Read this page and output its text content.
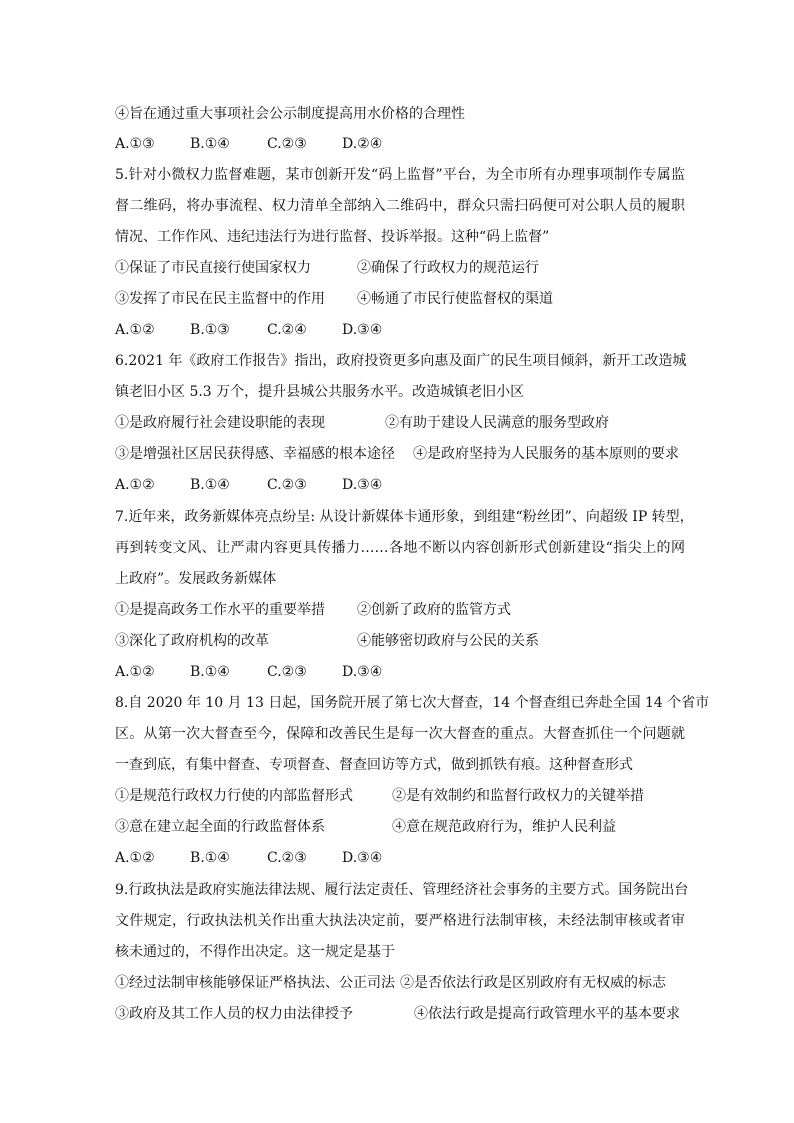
④旨在通过重大事项社会公示制度提高用水价格的合理性
A.①③	B.①④	C.②③	D.②④
5.针对小微权力监督难题，某市创新开发“码上监督”平台，为全市所有办理事项制作专属监
督二维码，将办事流程、权力清单全部纳入二维码中，群众只需扫码便可对公职人员的履职
情况、工作作风、违纪违法行为进行监督、投诉举报。这种“码上监督”
①保证了市民直接行使国家权力	②确保了行政权力的规范运行
③发挥了市民在民主监督中的作用 ④畅通了市民行使监督权的渠道
A.①②	B.①③	C.②④	D.③④
6.2021 年《政府工作报告》指出，政府投资更多向惠及面广的民生项目倾斜，新开工改造城
镇老旧小区 5.3 万个，提升县城公共服务水平。改造城镇老旧小区
①是政府履行社会建设职能的表现	②有助于建设人民满意的服务型政府
③是增强社区居民获得感、幸福感的根本途径 ④是政府坚持为人民服务的基本原则的要求
A.①②	B.①④	C.②③	D.③④
7.近年来，政务新媒体亮点纷呈: 从设计新媒体卡通形象，到组建“粉丝团”、向超级 IP 转型，
再到转变文风、让严肃内容更具传播力……各地不断以内容创新形式创新建设“指尖上的网
上政府”。发展政务新媒体
①是提高政务工作水平的重要举措 ②创新了政府的监管方式
③深化了政府机构的改革	④能够密切政府与公民的关系
A.①②	B.①④	C.②③	D.③④
8.自 2020 年 10 月 13 日起，国务院开展了第七次大督查，14 个督查组已奔赴全国 14 个省市
区。从第一次大督查至今，保障和改善民生是每一次大督查的重点。大督查抓住一个问题就
一查到底，有集中督查、专项督查、督查回访等方式，做到抓铁有痕。这种督查形式
①是规范行政权力行使的内部监督形式	②是有效制约和监督行政权力的关键举措
③意在建立起全面的行政监督体系	④意在规范政府行为，维护人民利益
A.①②	B.①④	C.②③	D.③④
9.行政执法是政府实施法律法规、履行法定责任、管理经济社会事务的主要方式。国务院出台
文件规定，行政执法机关作出重大执法决定前，要严格进行法制审核，未经法制审核或者审
核未通过的，不得作出决定。这一规定是基于
①经过法制审核能够保证严格执法、公正司法 ②是否依法行政是区别政府有无权威的标志
③政府及其工作人员的权力由法律授予	④依法行政是提高行政管理水平的基本要求
